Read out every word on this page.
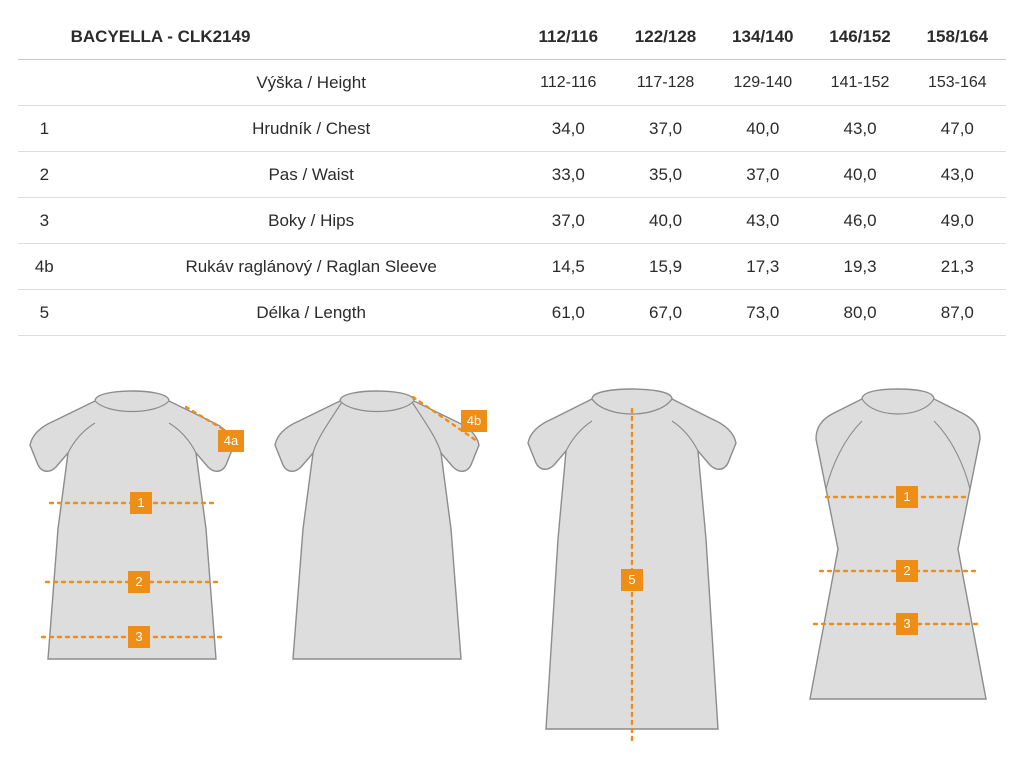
	BACYELLA - CLK2149	112/116	122/128	134/140	146/152	158/164
	Výška / Height	112-116	117-128	129-140	141-152	153-164
1	Hrudník / Chest	34,0	37,0	40,0	43,0	47,0
2	Pas / Waist	33,0	35,0	37,0	40,0	43,0
3	Boky / Hips	37,0	40,0	43,0	46,0	49,0
4b	Rukáv raglánový / Raglan Sleeve	14,5	15,9	17,3	19,3	21,3
5	Délka / Length	61,0	67,0	73,0	80,0	87,0
1
2
3
4a
4b
5
1
2
3
